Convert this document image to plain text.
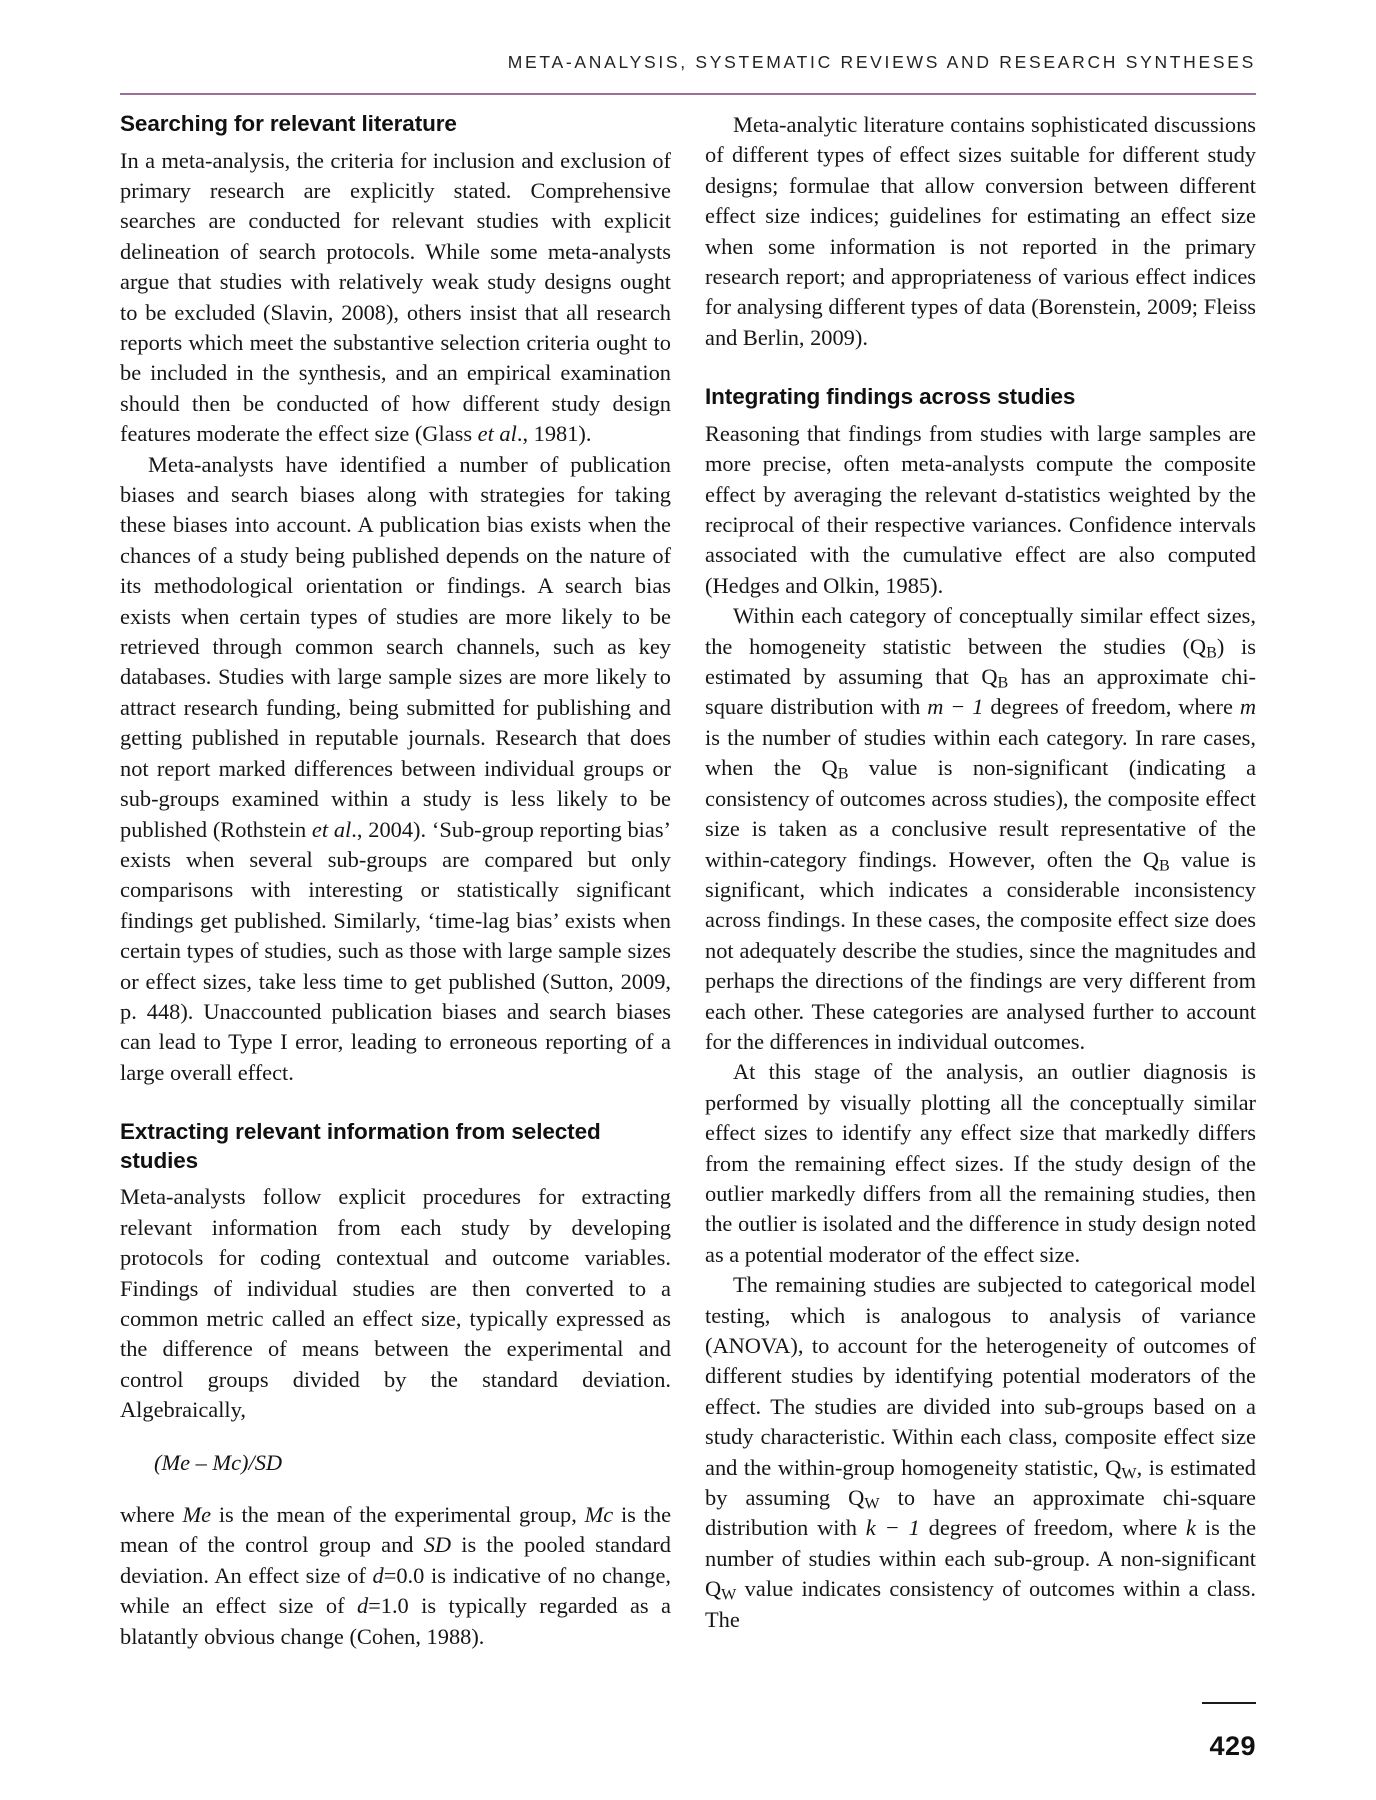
META-ANALYSIS, SYSTEMATIC REVIEWS AND RESEARCH SYNTHESES
Searching for relevant literature

In a meta-analysis, the criteria for inclusion and exclusion of primary research are explicitly stated. Comprehensive searches are conducted for relevant studies with explicit delineation of search protocols. While some meta-analysts argue that studies with relatively weak study designs ought to be excluded (Slavin, 2008), others insist that all research reports which meet the substantive selection criteria ought to be included in the synthesis, and an empirical examination should then be conducted of how different study design features moderate the effect size (Glass et al., 1981).

Meta-analysts have identified a number of publication biases and search biases along with strategies for taking these biases into account. A publication bias exists when the chances of a study being published depends on the nature of its methodological orientation or findings. A search bias exists when certain types of studies are more likely to be retrieved through common search channels, such as key databases. Studies with large sample sizes are more likely to attract research funding, being submitted for publishing and getting published in reputable journals. Research that does not report marked differences between individual groups or sub-groups examined within a study is less likely to be published (Rothstein et al., 2004). ‘Sub-group reporting bias’ exists when several sub-groups are compared but only comparisons with interesting or statistically significant findings get published. Similarly, ‘time-lag bias’ exists when certain types of studies, such as those with large sample sizes or effect sizes, take less time to get published (Sutton, 2009, p. 448). Unaccounted publication biases and search biases can lead to Type I error, leading to erroneous reporting of a large overall effect.

Extracting relevant information from selected studies

Meta-analysts follow explicit procedures for extracting relevant information from each study by developing protocols for coding contextual and outcome variables. Findings of individual studies are then converted to a common metric called an effect size, typically expressed as the difference of means between the experimental and control groups divided by the standard deviation. Algebraically,

(Me – Mc)/SD

where Me is the mean of the experimental group, Mc is the mean of the control group and SD is the pooled standard deviation. An effect size of d=0.0 is indicative of no change, while an effect size of d=1.0 is typically regarded as a blatantly obvious change (Cohen, 1988).

Meta-analytic literature contains sophisticated discussions of different types of effect sizes suitable for different study designs; formulae that allow conversion between different effect size indices; guidelines for estimating an effect size when some information is not reported in the primary research report; and appropriateness of various effect indices for analysing different types of data (Borenstein, 2009; Fleiss and Berlin, 2009).

Integrating findings across studies

Reasoning that findings from studies with large samples are more precise, often meta-analysts compute the composite effect by averaging the relevant d-statistics weighted by the reciprocal of their respective variances. Confidence intervals associated with the cumulative effect are also computed (Hedges and Olkin, 1985).

Within each category of conceptually similar effect sizes, the homogeneity statistic between the studies $(Q_B)$ is estimated by assuming that $Q_B$ has an approximate chi-square distribution with m − 1 degrees of freedom, where m is the number of studies within each category. In rare cases, when the $Q_B$ value is non-significant (indicating a consistency of outcomes across studies), the composite effect size is taken as a conclusive result representative of the within-category findings. However, often the $Q_B$ value is significant, which indicates a considerable inconsistency across findings. In these cases, the composite effect size does not adequately describe the studies, since the magnitudes and perhaps the directions of the findings are very different from each other. These categories are analysed further to account for the differences in individual outcomes.

At this stage of the analysis, an outlier diagnosis is performed by visually plotting all the conceptually similar effect sizes to identify any effect size that markedly differs from the remaining effect sizes. If the study design of the outlier markedly differs from all the remaining studies, then the outlier is isolated and the difference in study design noted as a potential moderator of the effect size.

The remaining studies are subjected to categorical model testing, which is analogous to analysis of variance (ANOVA), to account for the heterogeneity of outcomes of different studies by identifying potential moderators of the effect. The studies are divided into sub-groups based on a study characteristic. Within each class, composite effect size and the within-group homogeneity statistic, $Q_W$, is estimated by assuming $Q_W$ to have an approximate chi-square distribution with k − 1 degrees of freedom, where k is the number of studies within each sub-group. A non-significant $Q_W$ value indicates consistency of outcomes within a class. The

429
